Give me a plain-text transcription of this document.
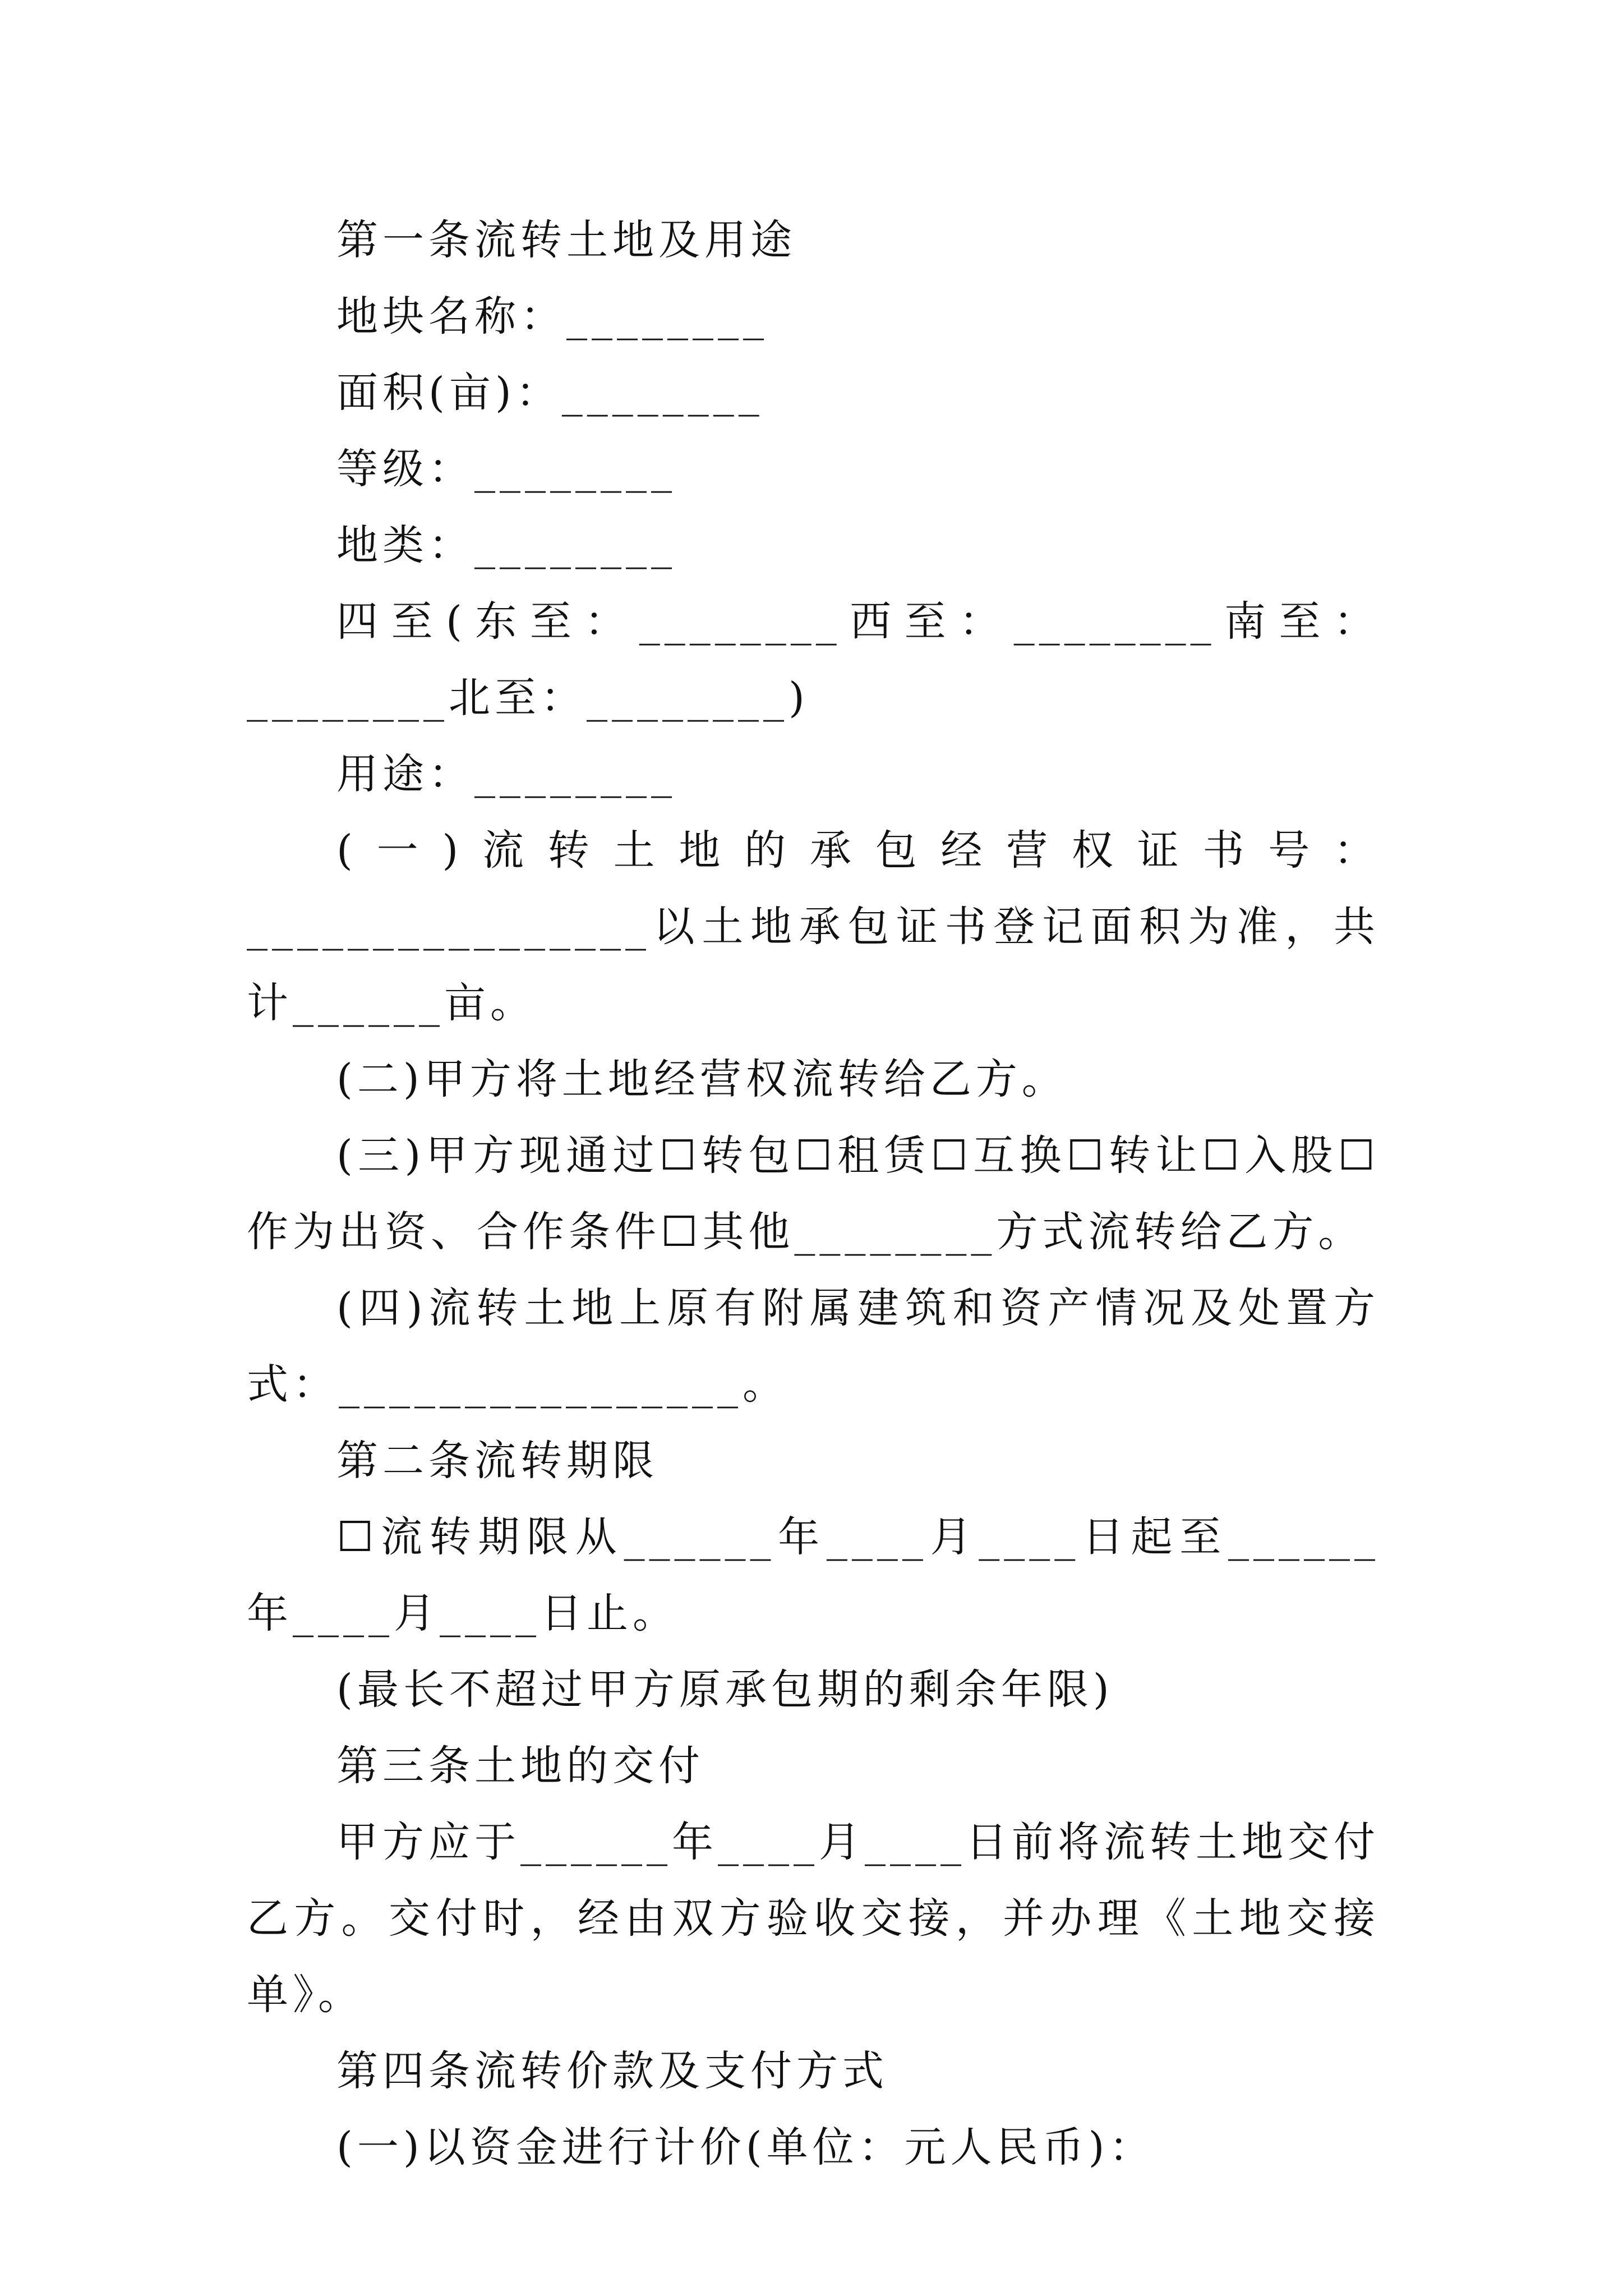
第一条流转土地及用途

地块名称：________

面积(亩)：________

等级：________

地类：________

四至(东至：________西至：________南至：________北至：________)

用途：________

(一)流转土地的承包经营权证书号：________________以土地承包证书登记面积为准，共计______亩。

(二)甲方将土地经营权流转给乙方。

(三)甲方现通过☐转包☐租赁☐互换☐转让☐入股☐作为出资、合作条件☐其他________方式流转给乙方。

(四)流转土地上原有附属建筑和资产情况及处置方式：________________。

第二条流转期限

☐流转期限从______年____月____日起至______年____月____日止。

(最长不超过甲方原承包期的剩余年限)

第三条土地的交付

甲方应于______年____月____日前将流转土地交付乙方。交付时，经由双方验收交接，并办理《土地交接单》。

第四条流转价款及支付方式

(一)以资金进行计价(单位：元人民币)：
